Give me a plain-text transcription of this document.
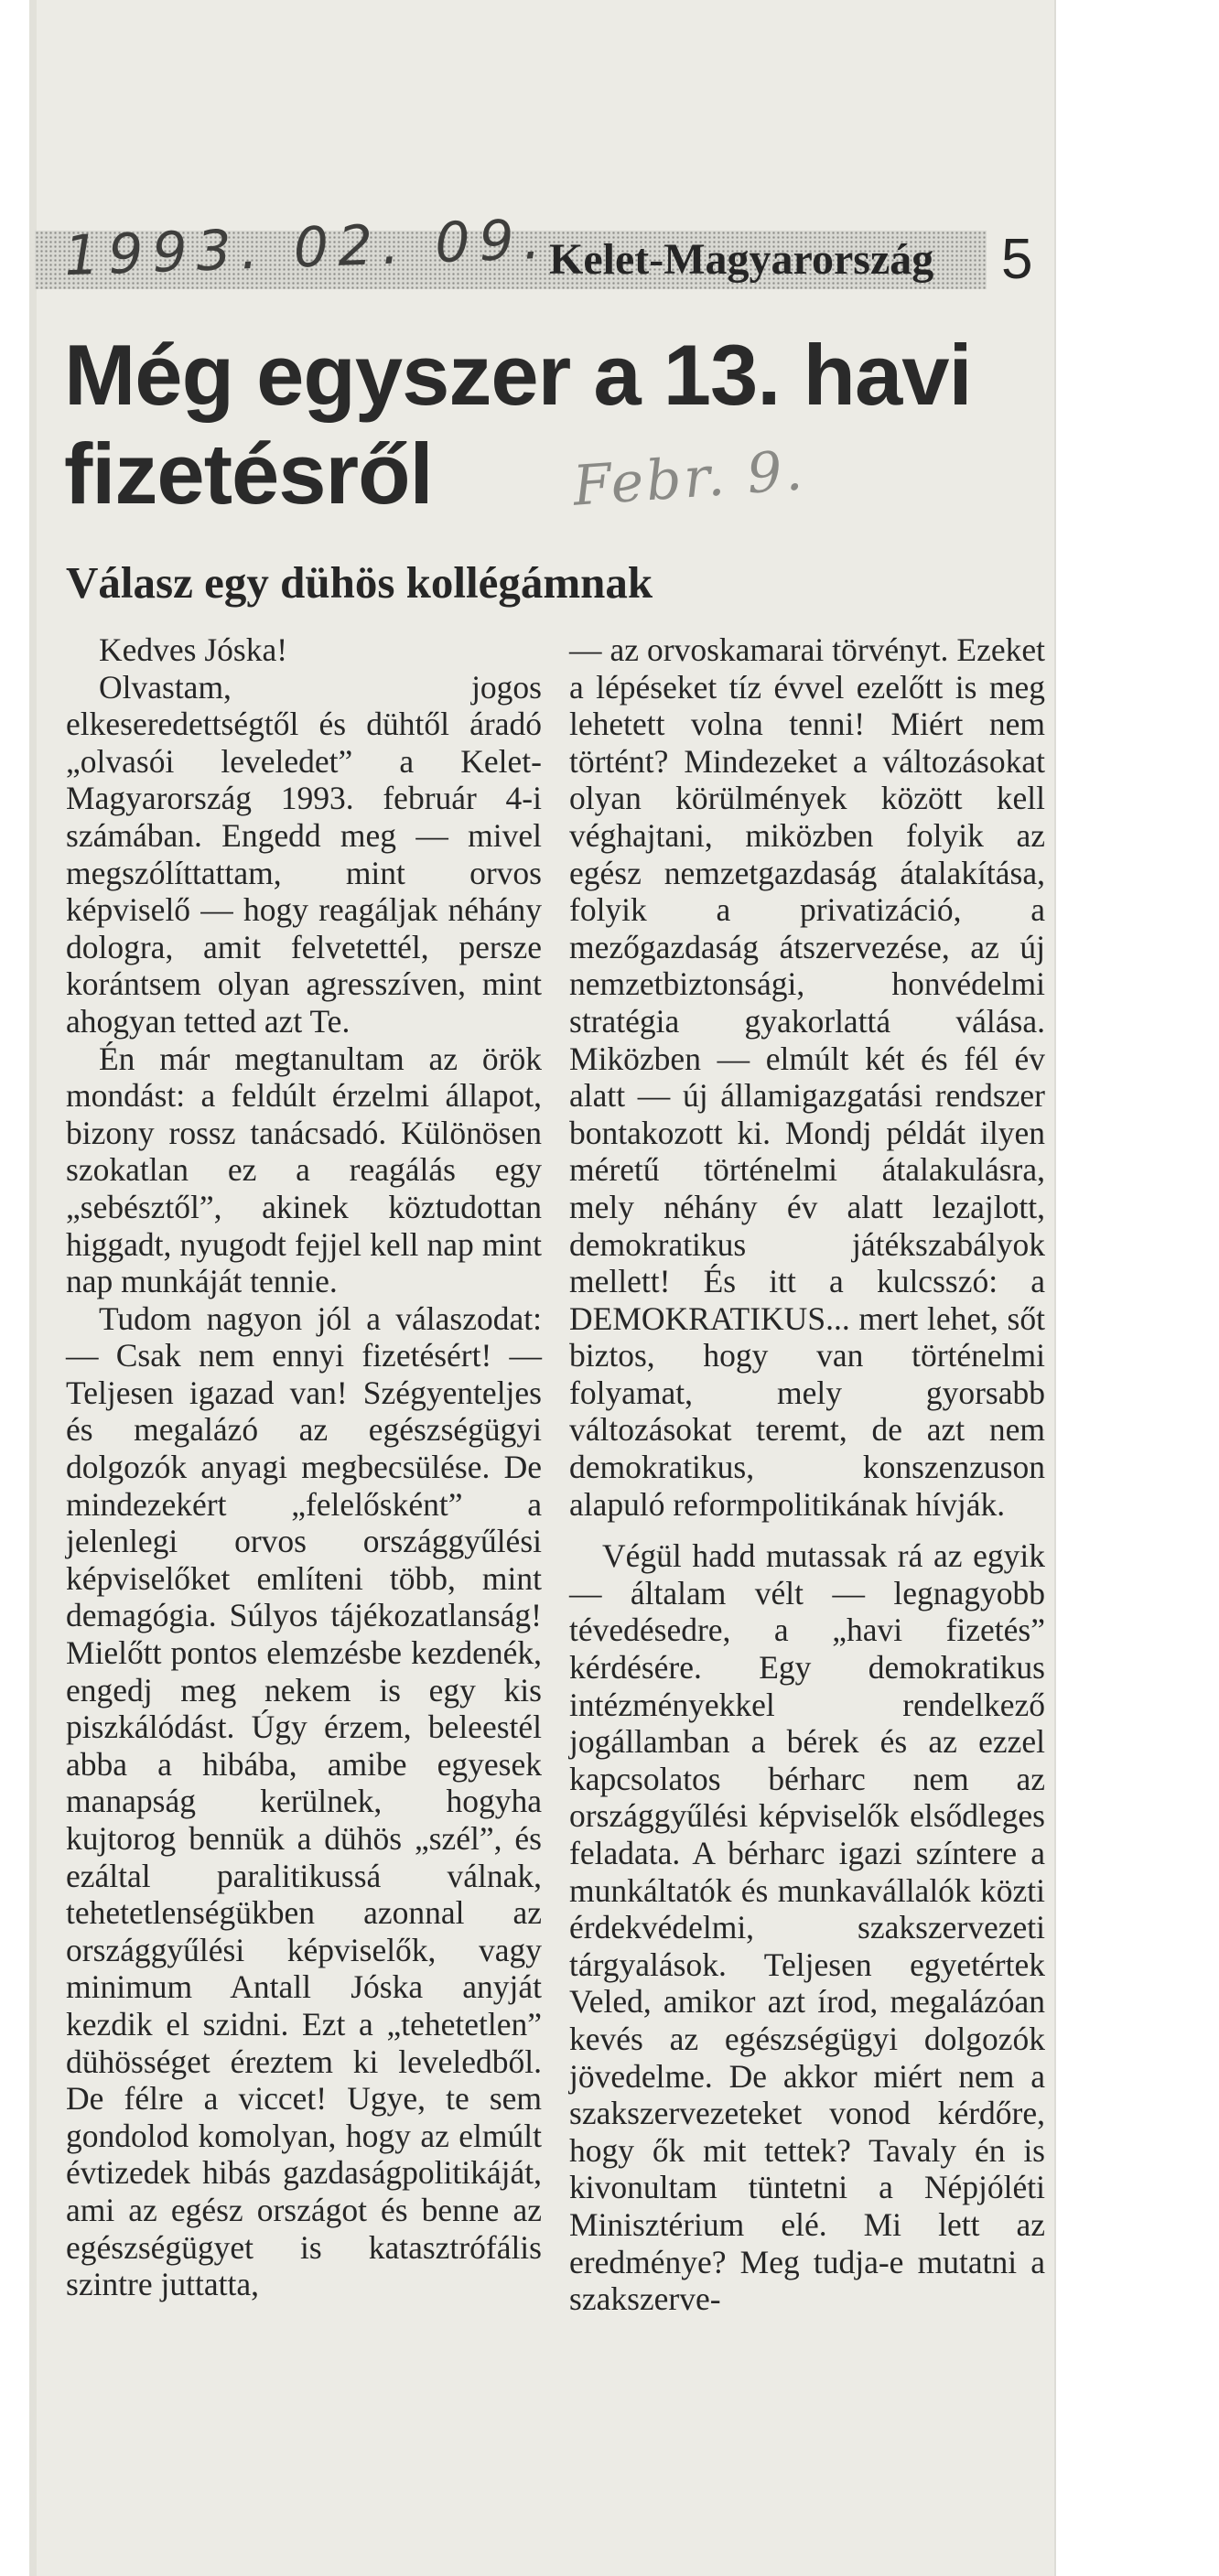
1993. 02. 09.
Kelet-Magyarország 5
Még egyszer a 13. havi fizetésről	Febr. 9.
Válasz egy dühös kollégámnak

Kedves Jóska!

Olvastam, jogos elkeseredettségtől és dühtől áradó „olvasói leveledet” a Kelet-Magyarország 1993. február 4-i számában. Engedd meg — mivel megszólíttattam, mint orvos képviselő — hogy reagáljak néhány dologra, amit felvetettél, persze korántsem olyan agresszíven, mint ahogyan tetted azt Te.

Én már megtanultam az örök mondást: a feldúlt érzelmi állapot, bizony rossz tanácsadó. Különösen szokatlan ez a reagálás egy „sebésztől”, akinek köztudottan higgadt, nyugodt fejjel kell nap mint nap munkáját tennie.

Tudom nagyon jól a válaszodat: — Csak nem ennyi fizetésért! — Teljesen igazad van! Szégyenteljes és megalázó az egészségügyi dolgozók anyagi megbecsülése. De mindezekért „felelősként” a jelenlegi orvos országgyűlési képviselőket említeni több, mint demagógia. Súlyos tájékozatlanság! Mielőtt pontos elemzésbe kezdenék, engedj meg nekem is egy kis piszkálódást. Úgy érzem, beleestél abba a hibába, amibe egyesek manapság kerülnek, hogyha kujtorog bennük a dühös „szél”, és ezáltal paralitikussá válnak, tehetetlenségükben azonnal az országgyűlési képviselők, vagy minimum Antall Jóska anyját kezdik el szidni. Ezt a „tehetetlen” dühösséget éreztem ki leveledből. De félre a viccet! Ugye, te sem gondolod komolyan, hogy az elmúlt évtizedek hibás gazdaságpolitikáját, ami az egész országot és benne az egészségügyet is katasztrófális szintre juttatta,

— az orvoskamarai törvényt. Ezeket a lépéseket tíz évvel ezelőtt is meg lehetett volna tenni! Miért nem történt? Mindezeket a változásokat olyan körülmények között kell véghajtani, miközben folyik az egész nemzetgazdaság átalakítása, folyik a privatizáció, a mezőgazdaság átszervezése, az új nemzetbiztonsági, honvédelmi stratégia gyakorlattá válása. Miközben — elmúlt két és fél év alatt — új államigazgatási rendszer bontakozott ki. Mondj példát ilyen méretű történelmi átalakulásra, mely néhány év alatt lezajlott, demokratikus játékszabályok mellett! És itt a kulcsszó: a DEMOKRATIKUS... mert lehet, sőt biztos, hogy van történelmi folyamat, mely gyorsabb változásokat teremt, de azt nem demokratikus, konszenzuson alapuló reformpolitikának hívják.

Végül hadd mutassak rá az egyik — általam vélt — legnagyobb tévedésedre, a „havi fizetés” kérdésére. Egy demokratikus intézményekkel rendelkező jogállamban a bérek és az ezzel kapcsolatos bérharc nem az országgyűlési képviselők elsődleges feladata. A bérharc igazi színtere a munkáltatók és munkavállalók közti érdekvédelmi, szakszervezeti tárgyalások. Teljesen egyetértek Veled, amikor azt írod, megalázóan kevés az egészségügyi dolgozók jövedelme. De akkor miért nem a szakszervezeteket vonod kérdőre, hogy ők mit tettek? Tavaly én is kivonultam tüntetni a Népjóléti Minisztérium elé. Mi lett az eredménye? Meg tudja-e mutatni a szakszerve-
